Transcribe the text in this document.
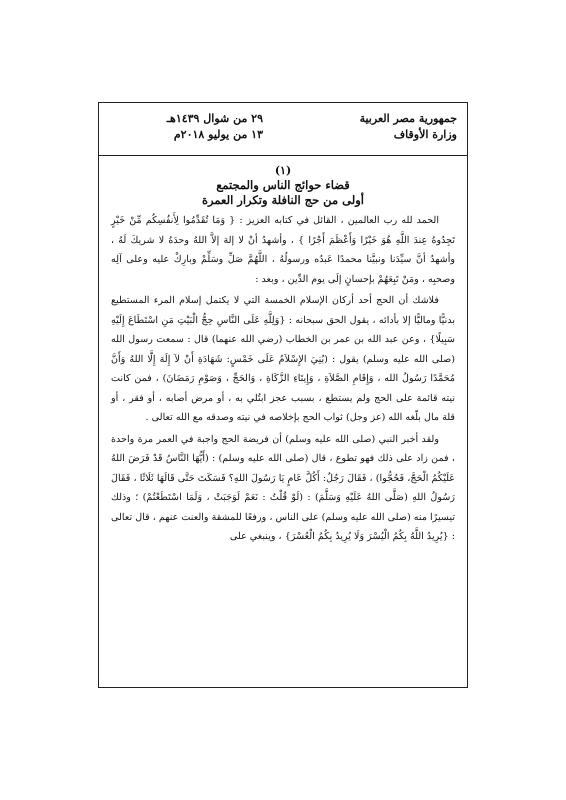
جمهورية مصر العربية
وزارة الأوقاف
٢٩ من شوال ١٤٣٩هـ
١٣ من يوليو ٢٠١٨م
(١)
قضاء حوائج الناس والمجتمع
أولى من حج النافلة وتكرار العمرة

الحمد لله رب العالمين ، القائل في كتابه العزيز : { وَمَا تُقَدِّمُوا لِأَنفُسِكُم مِّنْ خَيْرٍ تَجِدُوهُ عِندَ اللَّهِ هُوَ خَيْرًا وَأَعْظَمَ أَجْرًا } ، وأشهدُ أنْ لا إلهَ إلاَّ اللهُ وحدَهُ لا شريكَ لَهُ ، وأشهدُ أنَّ سيِّدَنا ونبيَّنا محمدًا عَبدُه ورسولُهُ ، اللَّهُمَّ صَلِّ وسَلِّمْ وبارِكْ عليه وعلى آلِه وصحبِه ، ومَنْ تَبِعَهُمْ بإحسانٍ إلَى يوم الدِّين ، وبعد :

فلاشك أن الحج أحد أركان الإسلام الخمسة التي لا يكتمل إسلام المرء المستطيع بدنيًّا وماليًّا إلا بأدائه ، يقول الحق سبحانه : {وَلِلَّهِ عَلَى النَّاسِ حِجُّ الْبَيْتِ مَنِ اسْتَطَاعَ إِلَيْهِ سَبِيلًا} ، وعن عبد الله بن عمر بن الخطاب (رضي الله عنهما) قال : سمعت رسول الله (صلى الله عليه وسلم) يقول : (بُنِيَ الإِسْلاَمُ عَلَى خَمْسٍ: شَهَادَةِ أَنْ لاَ إِلَهَ إِلَّا اللهُ وَأَنَّ مُحَمَّدًا رَسُولُ الله ، وَإِقَامِ الصَّلاَةِ ، وَإِيتَاءِ الزَّكَاةِ ، وَالحَجِّ ، وَصَوْمِ رَمَضَانَ) ، فمن كانت نيته قائمة على الحج ولم يستطع ، بسبب عجز ابتُلي به ، أو مرض أصابه ، أو فقر ، أو قلة مال بلّغه الله (عز وجل) ثواب الحج بإخلاصه في نيته وصدقه مع الله تعالى .

ولقد أخبر النبي (صلى الله عليه وسلم) أن فريضة الحج واجبة في العمر مرة واحدة ، فمن زاد على ذلك فهو تطوع ، قال (صلى الله عليه وسلم) : (أَيُّهَا النَّاسُ قَدْ فَرَضَ اللهُ عَلَيْكُمُ الْحَجَّ، فَحُجُّوا) ، فَقَالَ رَجُلٌ: أَكُلَّ عَامٍ يَا رَسُولَ اللهِ؟ فَسَكَتَ حَتَّى قَالَهَا ثَلَاثًا ، فَقَالَ رَسُولُ اللهِ (صَلَّى اللهُ عَلَيْهِ وَسَلَّمَ) : (لَوْ قُلْتُ : نَعَمْ لَوَجَبَتْ ، وَلَمَا اسْتَطَعْتُمْ) ؛ وذلك تيسيرًا منه (صلى الله عليه وسلم) على الناس ، ورفعًا للمشقة والعنت عنهم ، قال تعالى : {يُرِيدُ اللَّهُ بِكُمُ الْيُسْرَ وَلَا يُرِيدُ بِكُمُ الْعُسْرَ} ، وينبغي على
